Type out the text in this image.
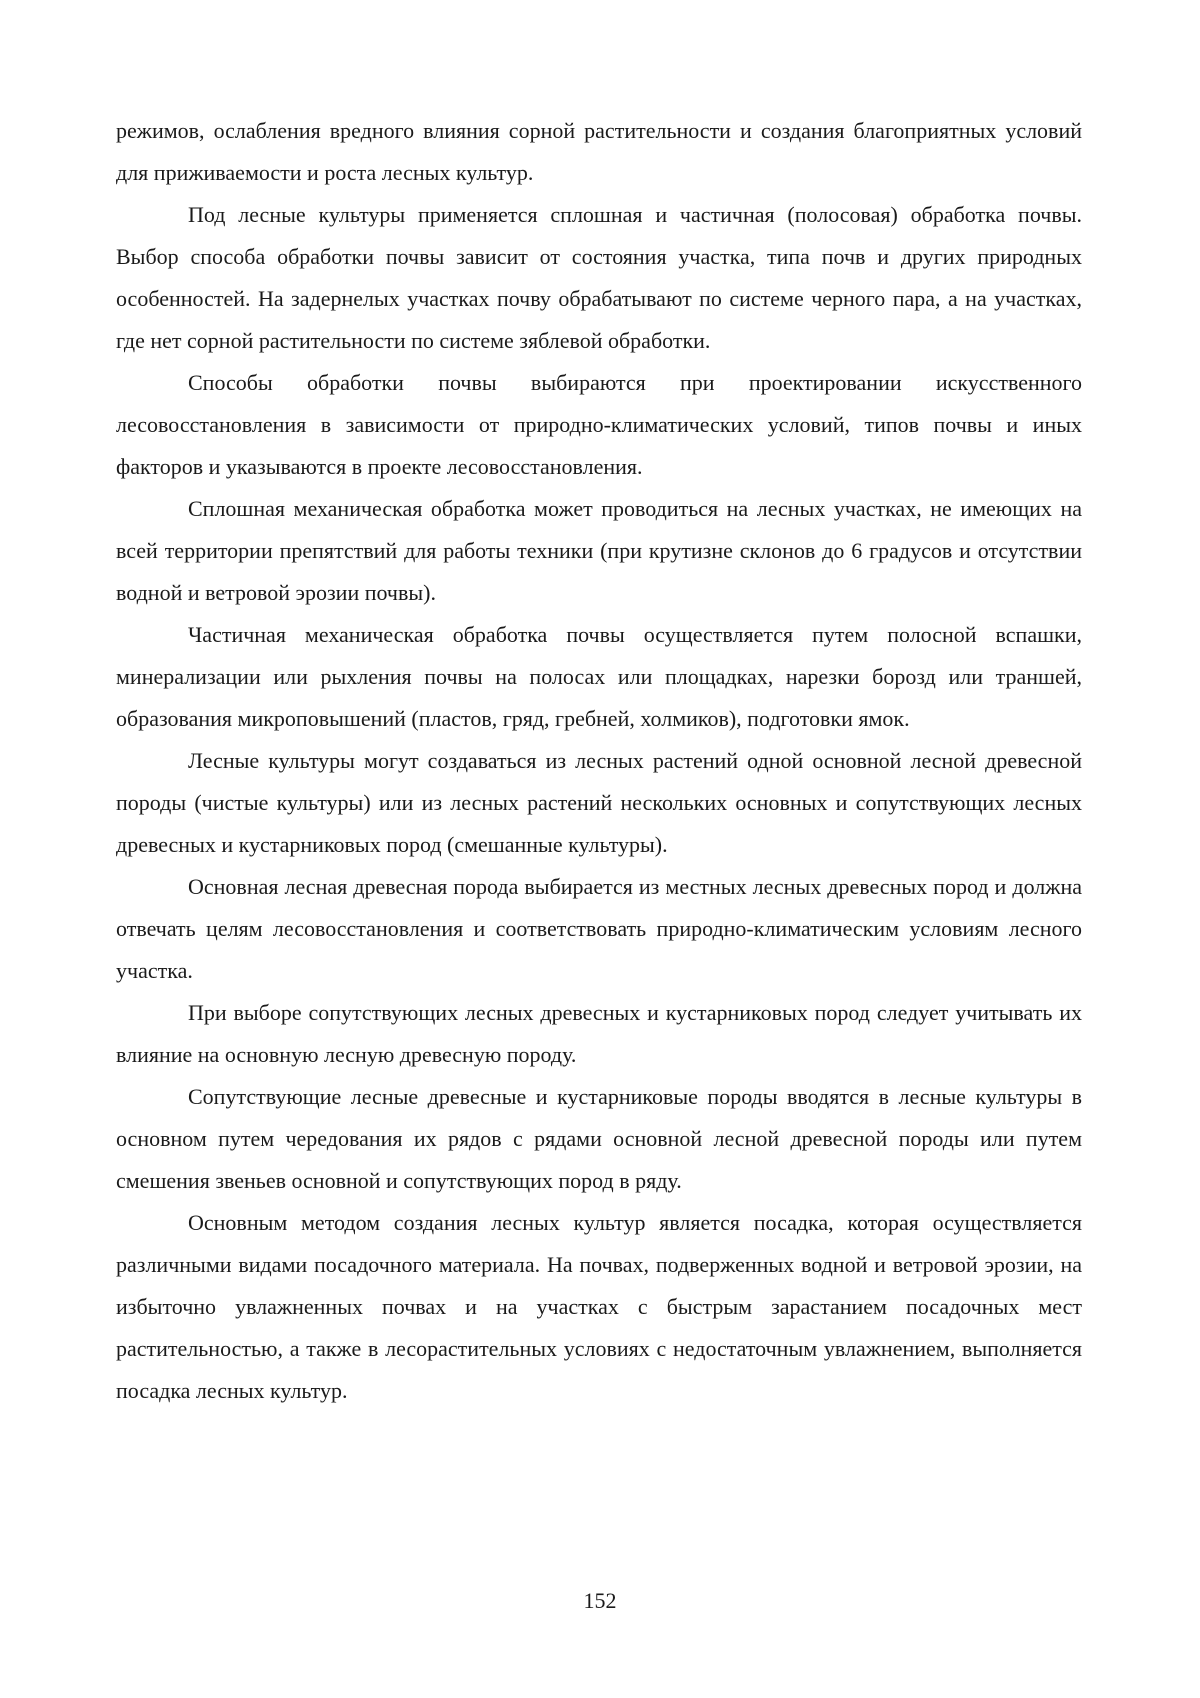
режимов, ослабления вредного влияния сорной растительности и создания благоприятных условий для приживаемости и роста лесных культур.

Под лесные культуры применяется сплошная и частичная (полосовая) обработка почвы. Выбор способа обработки почвы зависит от состояния участка, типа почв и других природных особенностей. На задернелых участках почву обрабатывают по системе черного пара, а на участках, где нет сорной растительности по системе зяблевой обработки.

Способы обработки почвы выбираются при проектировании искусственного лесовосстановления в зависимости от природно-климатических условий, типов почвы и иных факторов и указываются в проекте лесовосстановления.

Сплошная механическая обработка может проводиться на лесных участках, не имеющих на всей территории препятствий для работы техники (при крутизне склонов до 6 градусов и отсутствии водной и ветровой эрозии почвы).

Частичная механическая обработка почвы осуществляется путем полосной вспашки, минерализации или рыхления почвы на полосах или площадках, нарезки борозд или траншей, образования микроповышений (пластов, гряд, гребней, холмиков), подготовки ямок.

Лесные культуры могут создаваться из лесных растений одной основной лесной древесной породы (чистые культуры) или из лесных растений нескольких основных и сопутствующих лесных древесных и кустарниковых пород (смешанные культуры).

Основная лесная древесная порода выбирается из местных лесных древесных пород и должна отвечать целям лесовосстановления и соответствовать природно-климатическим условиям лесного участка.

При выборе сопутствующих лесных древесных и кустарниковых пород следует учитывать их влияние на основную лесную древесную породу.

Сопутствующие лесные древесные и кустарниковые породы вводятся в лесные культуры в основном путем чередования их рядов с рядами основной лесной древесной породы или путем смешения звеньев основной и сопутствующих пород в ряду.

Основным методом создания лесных культур является посадка, которая осуществляется различными видами посадочного материала. На почвах, подверженных водной и ветровой эрозии, на избыточно увлажненных почвах и на участках с быстрым зарастанием посадочных мест растительностью, а также в лесорастительных условиях с недостаточным увлажнением, выполняется посадка лесных культур.

152
